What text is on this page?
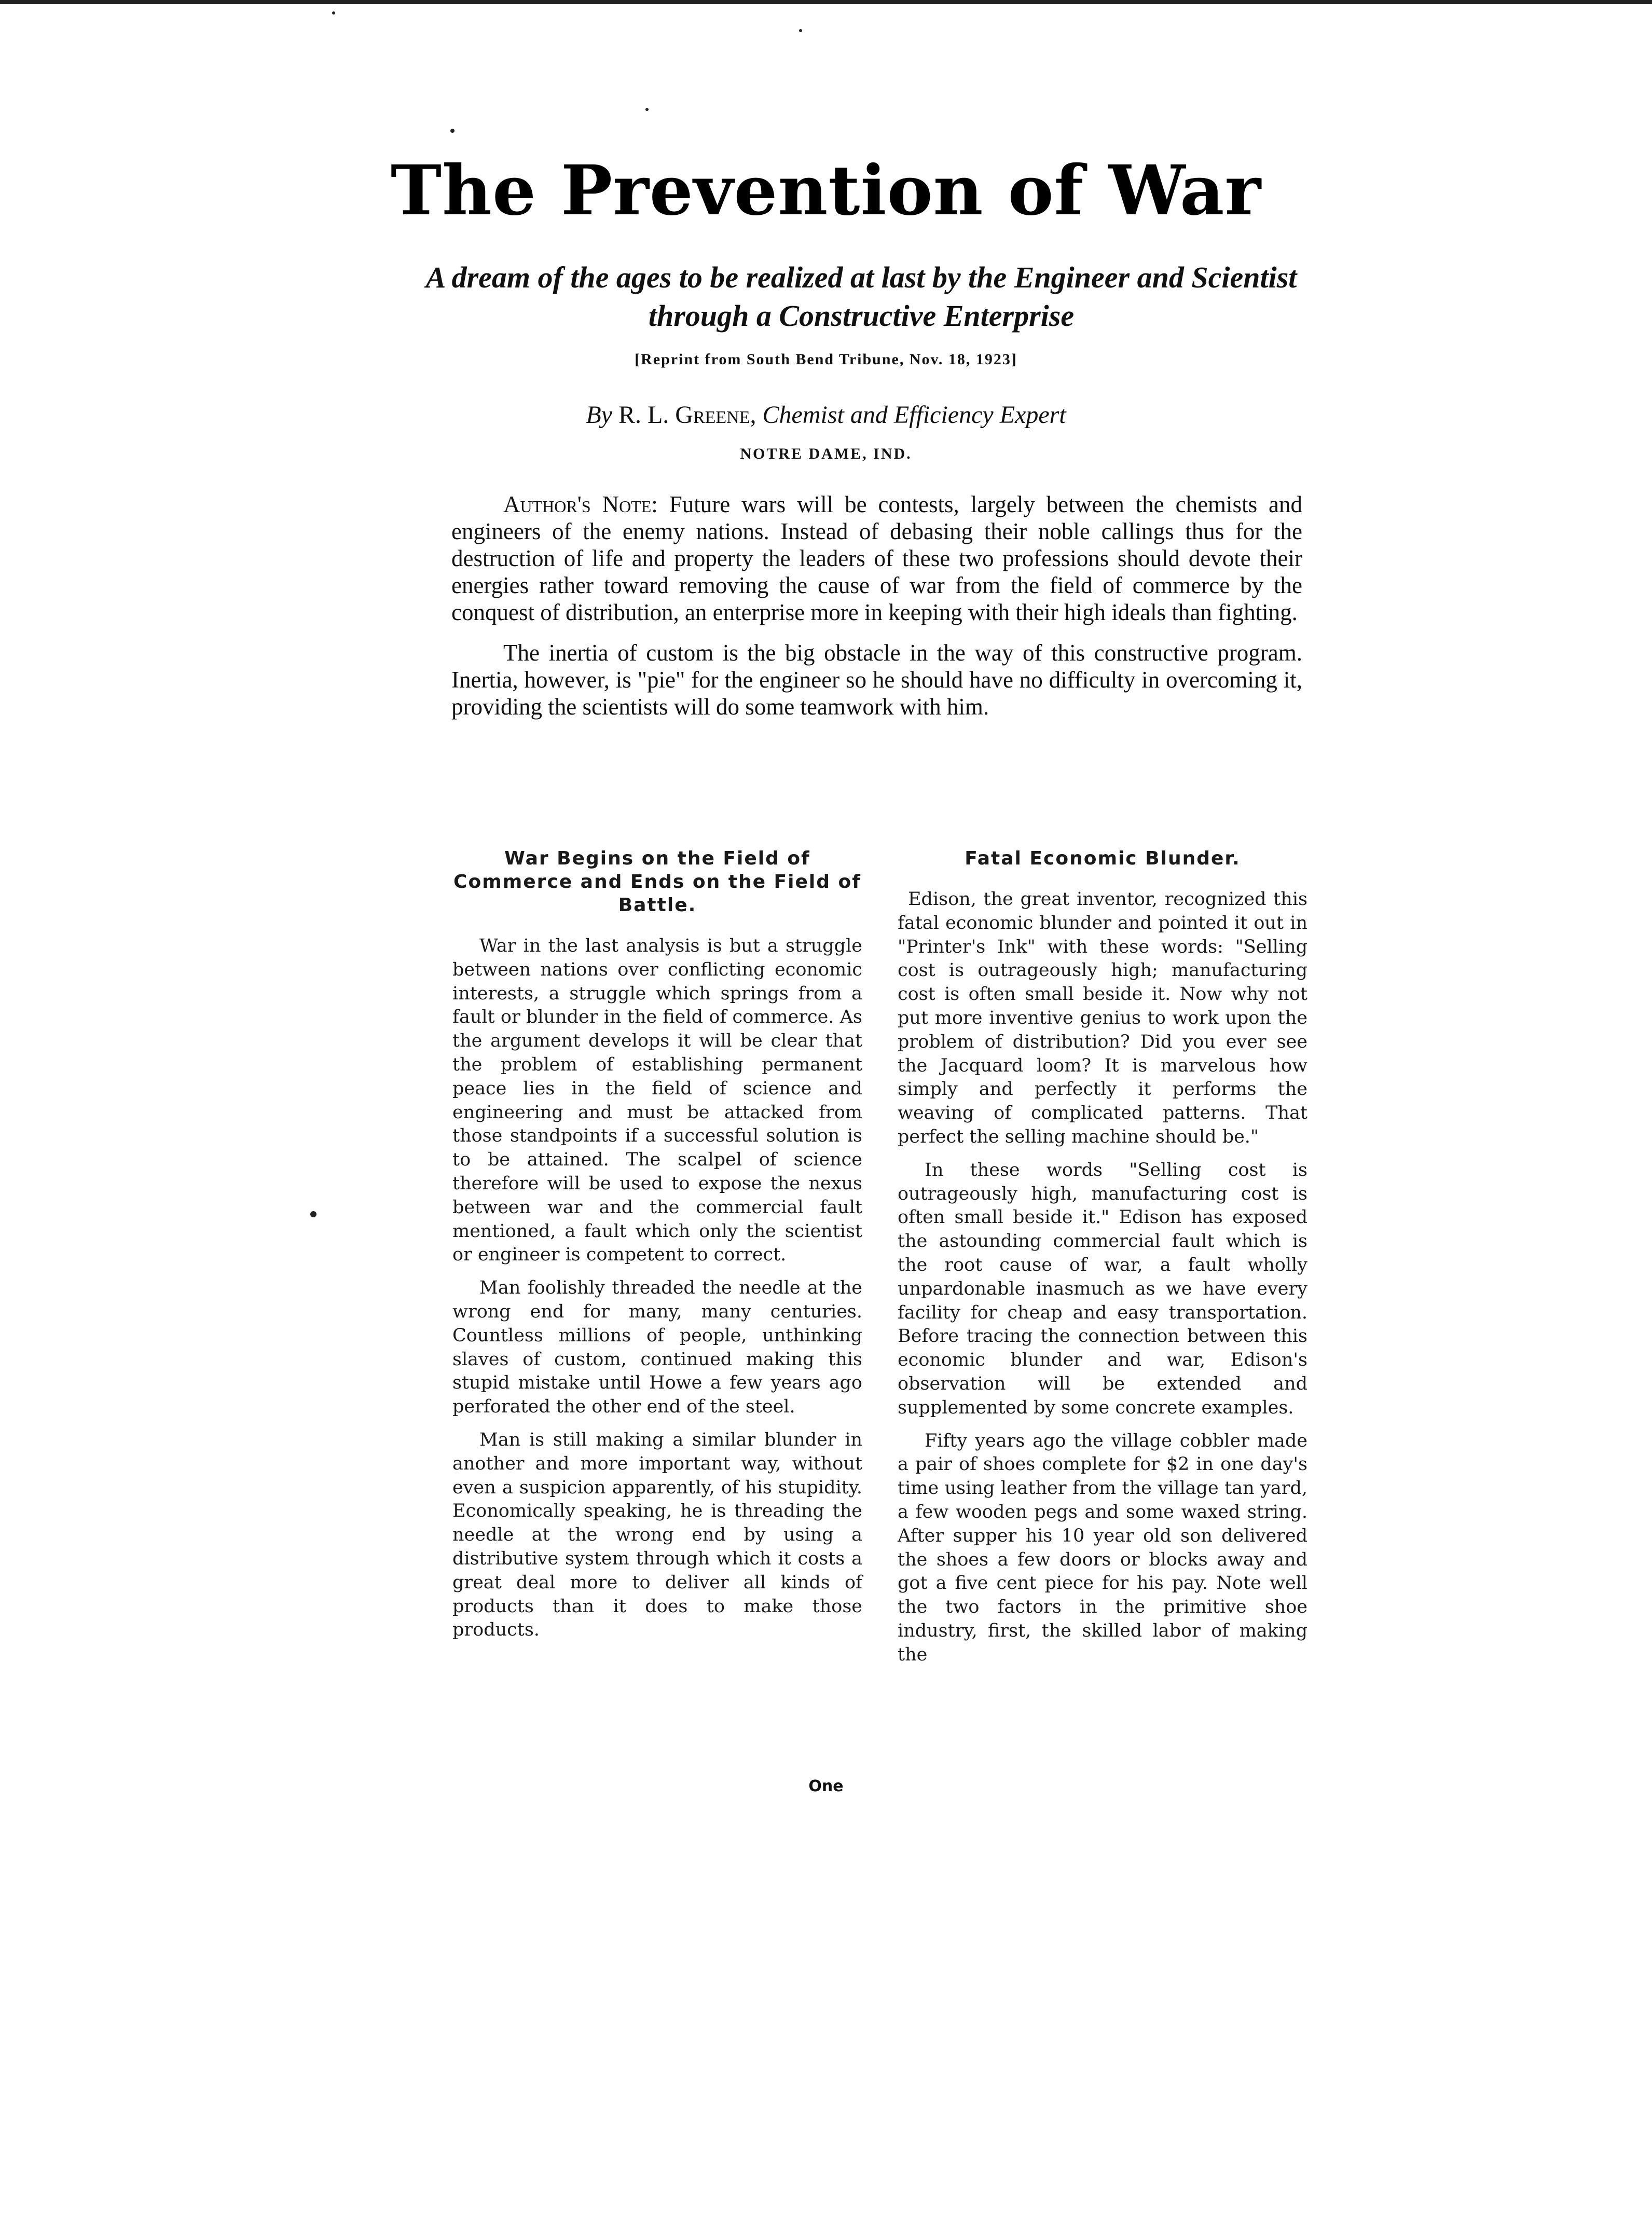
The Prevention of War
A dream of the ages to be realized at last by the Engineer and Scientist through a Constructive Enterprise
[Reprint from South Bend Tribune, Nov. 18, 1923]
By R. L. Greene, Chemist and Efficiency Expert
NOTRE DAME, IND.

Author's Note: Future wars will be contests, largely between the chemists and engineers of the enemy nations. Instead of debasing their noble callings thus for the destruction of life and property the leaders of these two professions should devote their energies rather toward removing the cause of war from the field of commerce by the conquest of distribution, an enterprise more in keeping with their high ideals than fighting.

The inertia of custom is the big obstacle in the way of this constructive program. Inertia, however, is "pie" for the engineer so he should have no difficulty in overcoming it, providing the scientists will do some teamwork with him.

War Begins on the Field of Commerce and Ends on the Field of Battle.

War in the last analysis is but a struggle between nations over conflicting economic interests, a struggle which springs from a fault or blunder in the field of commerce. As the argument develops it will be clear that the problem of establishing permanent peace lies in the field of science and engineering and must be attacked from those standpoints if a successful solution is to be attained. The scalpel of science therefore will be used to expose the nexus between war and the commercial fault mentioned, a fault which only the scientist or engineer is competent to correct.

Man foolishly threaded the needle at the wrong end for many, many centuries. Countless millions of people, unthinking slaves of custom, continued making this stupid mistake until Howe a few years ago perforated the other end of the steel.

Man is still making a similar blunder in another and more important way, without even a suspicion apparently, of his stupidity. Economically speaking, he is threading the needle at the wrong end by using a distributive system through which it costs a great deal more to deliver all kinds of products than it does to make those products.

Fatal Economic Blunder.

Edison, the great inventor, recognized this fatal economic blunder and pointed it out in "Printer's Ink" with these words: "Selling cost is outrageously high; manufacturing cost is often small beside it. Now why not put more inventive genius to work upon the problem of distribution? Did you ever see the Jacquard loom? It is marvelous how simply and perfectly it performs the weaving of complicated patterns. That perfect the selling machine should be."

In these words "Selling cost is outrageously high, manufacturing cost is often small beside it." Edison has exposed the astounding commercial fault which is the root cause of war, a fault wholly unpardonable inasmuch as we have every facility for cheap and easy transportation. Before tracing the connection between this economic blunder and war, Edison's observation will be extended and supplemented by some concrete examples.

Fifty years ago the village cobbler made a pair of shoes complete for $2 in one day's time using leather from the village tan yard, a few wooden pegs and some waxed string. After supper his 10 year old son delivered the shoes a few doors or blocks away and got a five cent piece for his pay. Note well the two factors in the primitive shoe industry, first, the skilled labor of making the

One
